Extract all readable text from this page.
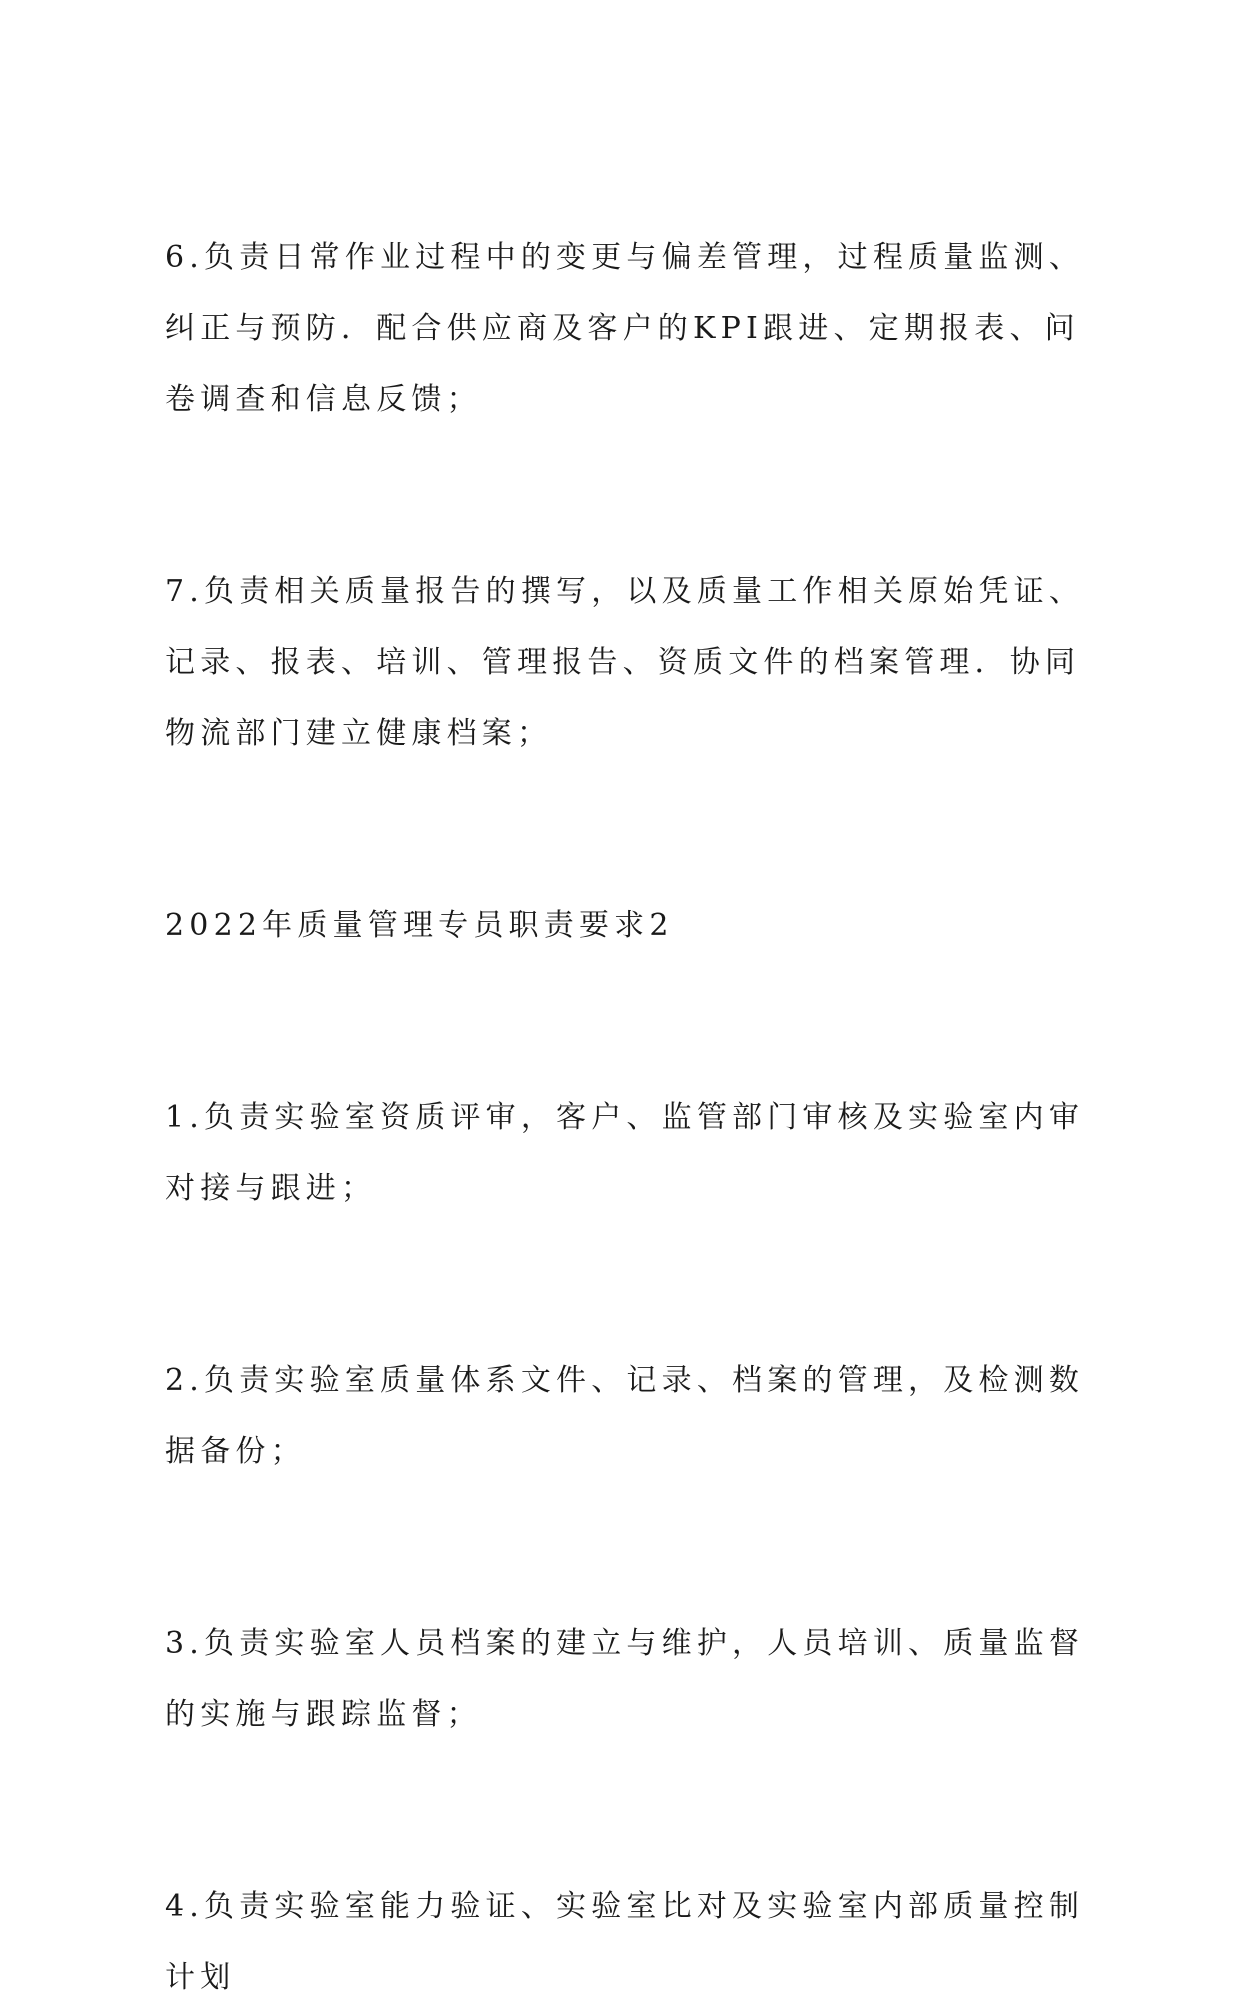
6.负责日常作业过程中的变更与偏差管理，过程质量监测、纠正与预防．配合供应商及客户的KPI跟进、定期报表、问卷调查和信息反馈；

7.负责相关质量报告的撰写，以及质量工作相关原始凭证、记录、报表、培训、管理报告、资质文件的档案管理．协同物流部门建立健康档案；

2022年质量管理专员职责要求2

1.负责实验室资质评审，客户、监管部门审核及实验室内审对接与跟进；

2.负责实验室质量体系文件、记录、档案的管理，及检测数据备份；

3.负责实验室人员档案的建立与维护，人员培训、质量监督的实施与跟踪监督；

4.负责实验室能力验证、实验室比对及实验室内部质量控制计划
